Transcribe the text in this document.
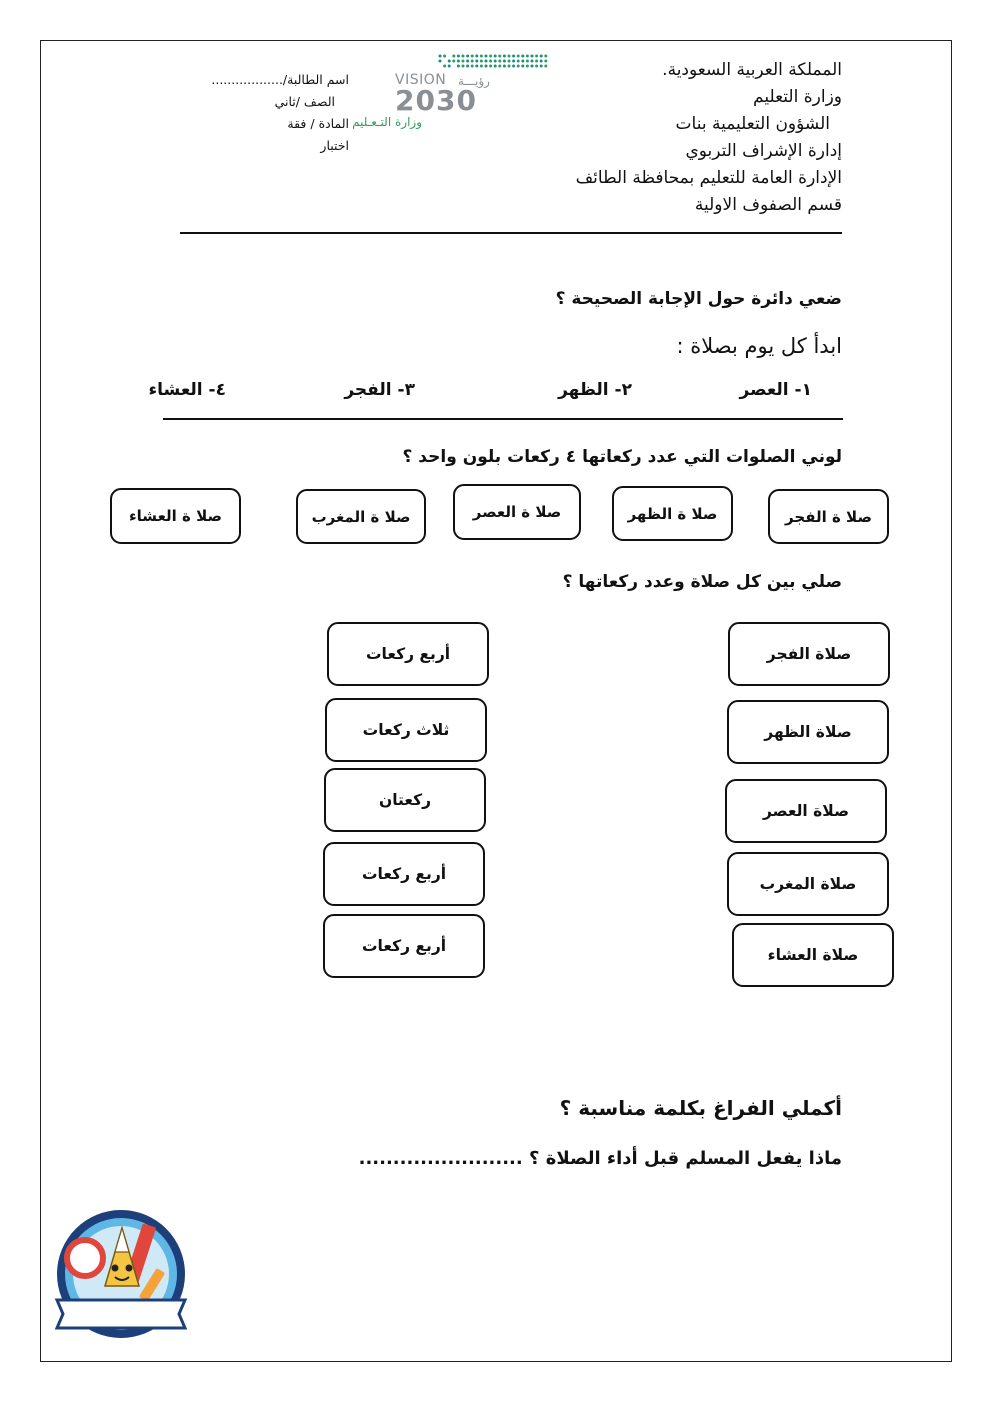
المملكة العربية السعودية.
وزارة التعليم
الشؤون التعليمية بنات
إدارة الإشراف التربوي
الإدارة العامة للتعليم بمحافظة الطائف
قسم الصفوف الاولية
VISION رؤيـــة
2030
وزارة التـعـليم
اسم الطالبة/..................
الصف /ثاني
المادة / فقة
اختبار
ضعي دائرة حول الإجابة الصحيحة ؟
ابدأ كل يوم بصلاة :
١- العصر
٢- الظهر
٣- الفجر
٤- العشاء
لوني الصلوات التي عدد ركعاتها ٤ ركعات بلون واحد ؟
صلا ة الفجر
صلا ة الظهر
صلا ة العصر
صلا ة المغرب
صلا ة العشاء
صلي بين كل صلاة وعدد ركعاتها ؟
صلاة الفجر
صلاة الظهر
صلاة العصر
صلاة المغرب
صلاة العشاء
أربع ركعات
ثلاث ركعات
ركعتان
أربع ركعات
أربع ركعات
أكملي الفراغ بكلمة مناسبة ؟
ماذا يفعل المسلم قبل أداء الصلاة ؟ ........................
